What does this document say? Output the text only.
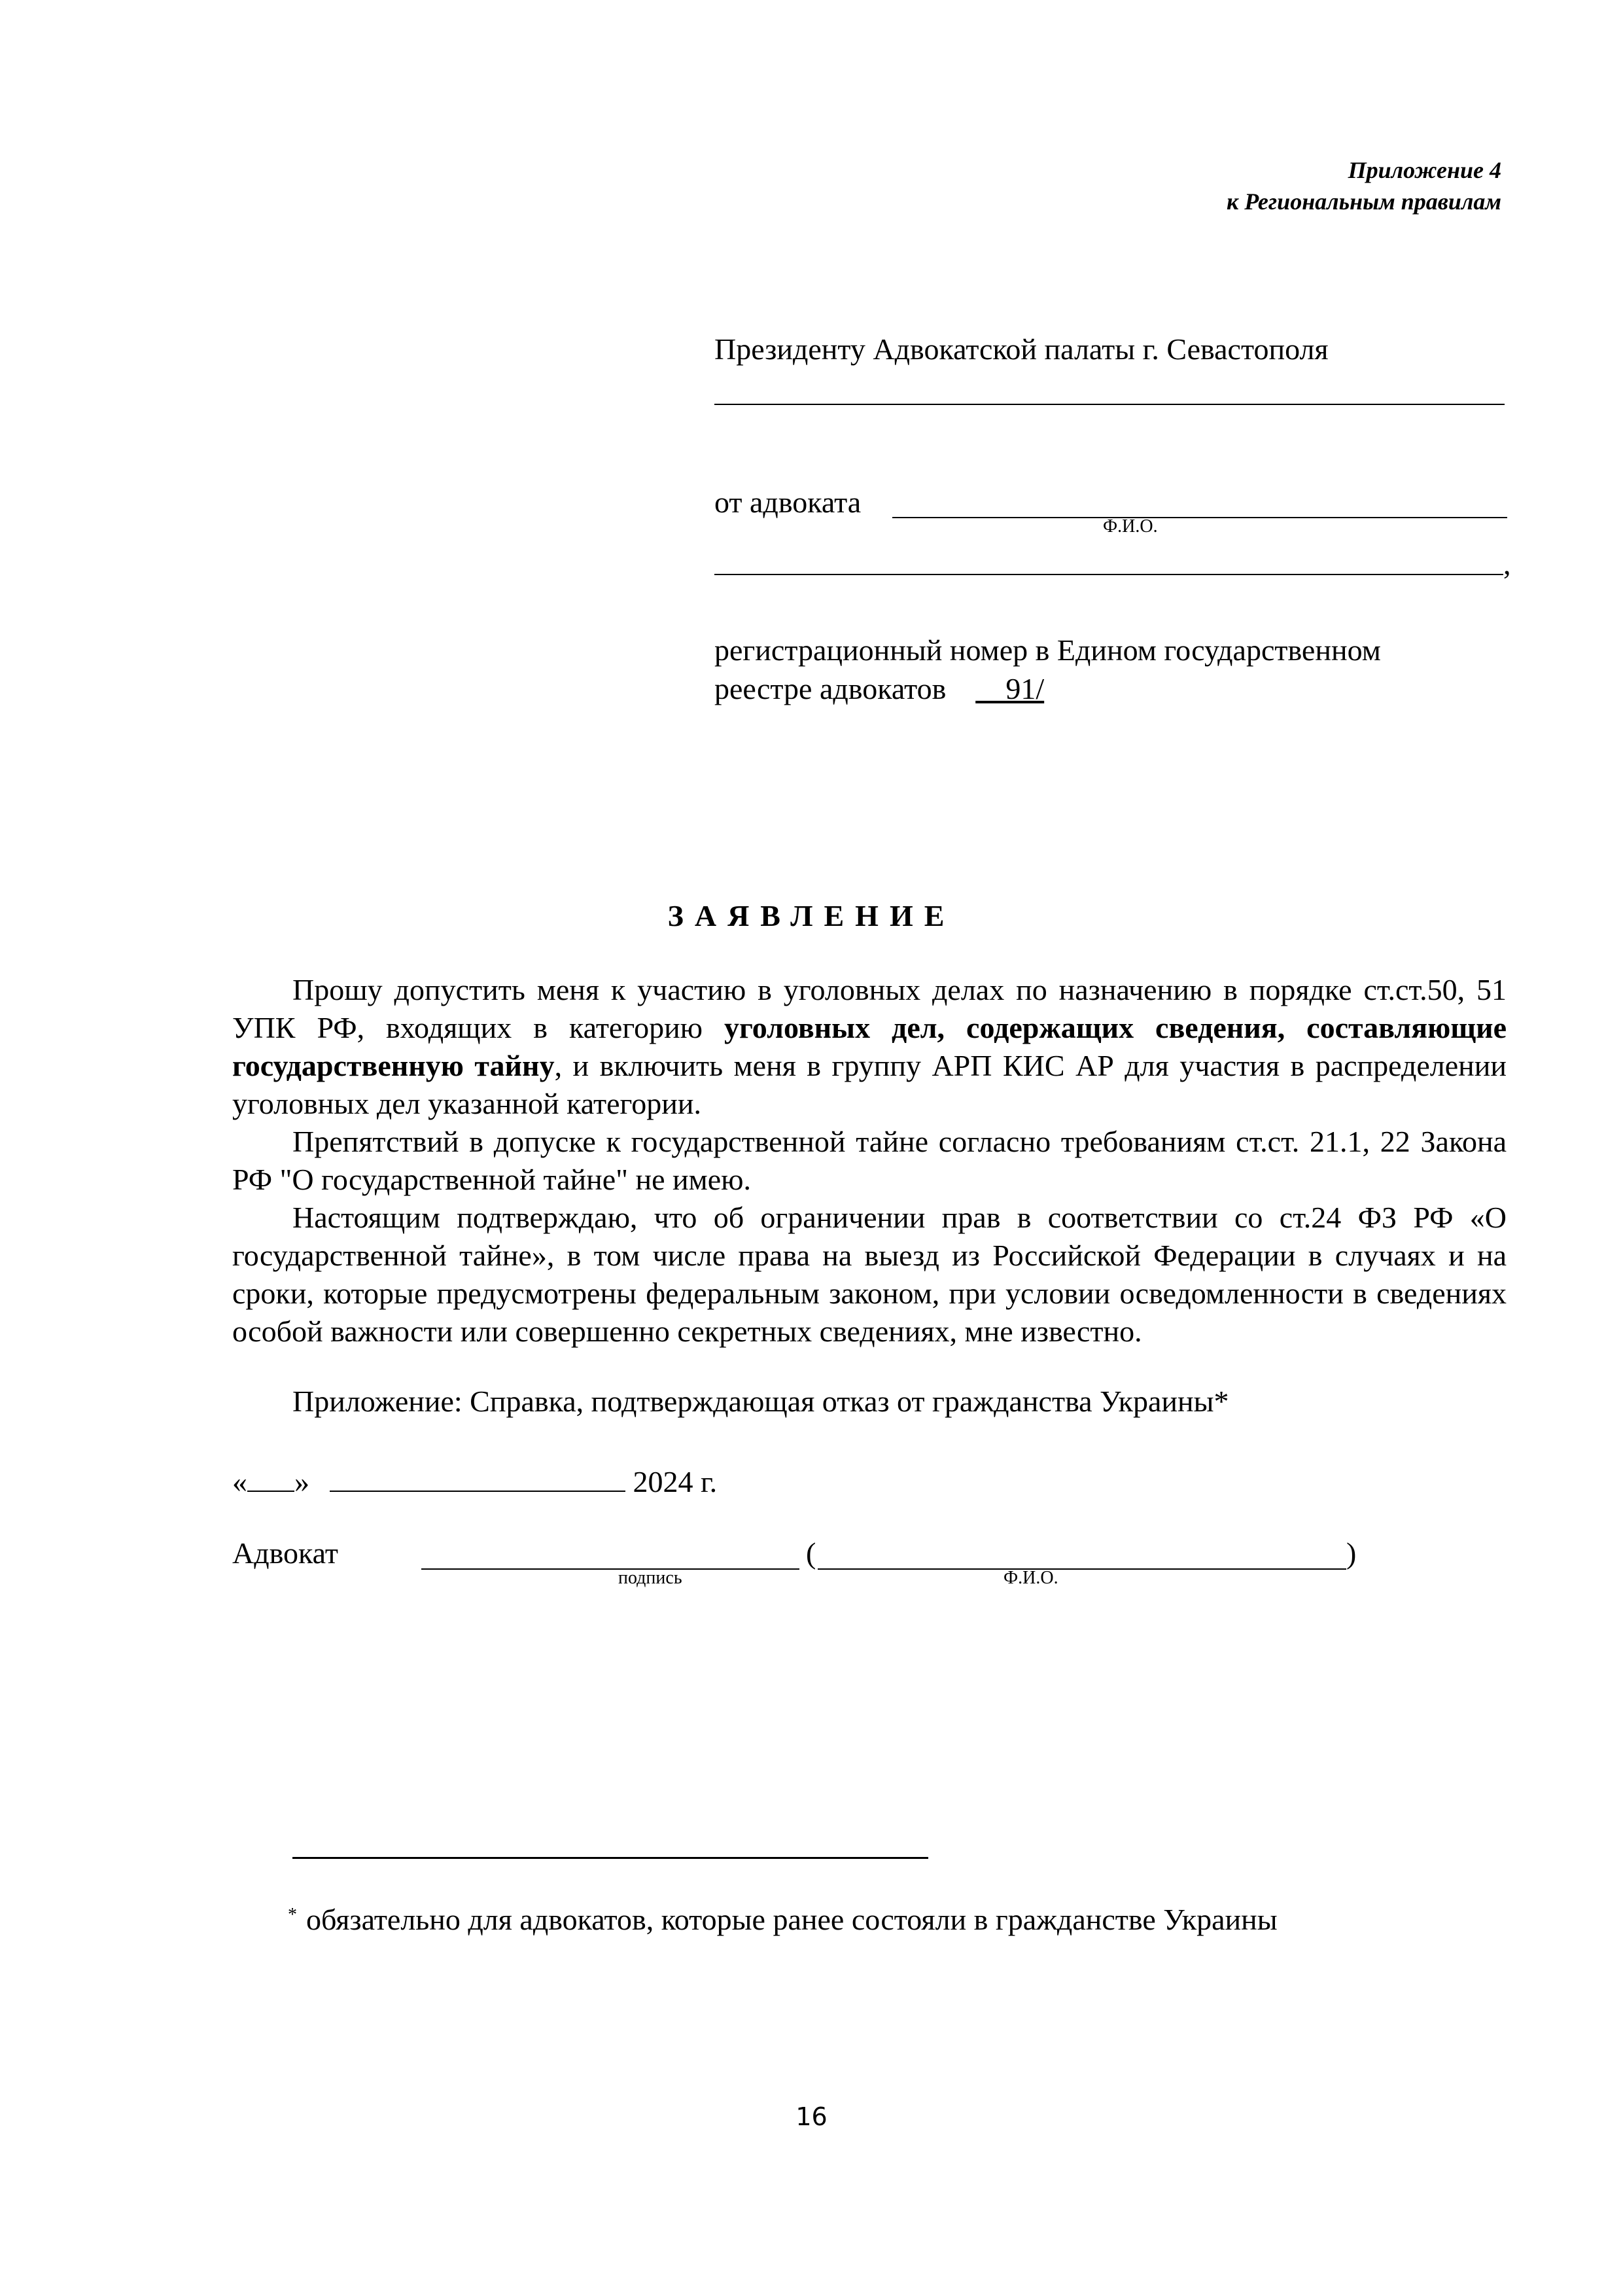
Приложение 4
к Региональным правилам
Президенту Адвокатской палаты г. Севастополя
от адвоката
Ф.И.О.
,
регистрационный номер в Едином государственном
реестре адвокатов 91/
ЗАЯВЛЕНИЕ

Прошу допустить меня к участию в уголовных делах по назначению в порядке ст.ст.50, 51 УПК РФ, входящих в категорию уголовных дел, содержащих сведения, составляющие государственную тайну, и включить меня в группу АРП КИС АР для участия в распределении уголовных дел указанной категории.

Препятствий в допуске к государственной тайне согласно требованиям ст.ст. 21.1, 22 Закона РФ "О государственной тайне" не имею.

Настоящим подтверждаю, что об ограничении прав в соответствии со ст.24 ФЗ РФ «О государственной тайне», в том числе права на выезд из Российской Федерации в случаях и на сроки, которые предусмотрены федеральным законом, при условии осведомленности в сведениях особой важности или совершенно секретных сведениях, мне известно.

Приложение: Справка, подтверждающая отказ от гражданства Украины*
« »	2024 г.
Адвокат	(	)
подпись	Ф.И.О.
* обязательно для адвокатов, которые ранее состояли в гражданстве Украины
16
